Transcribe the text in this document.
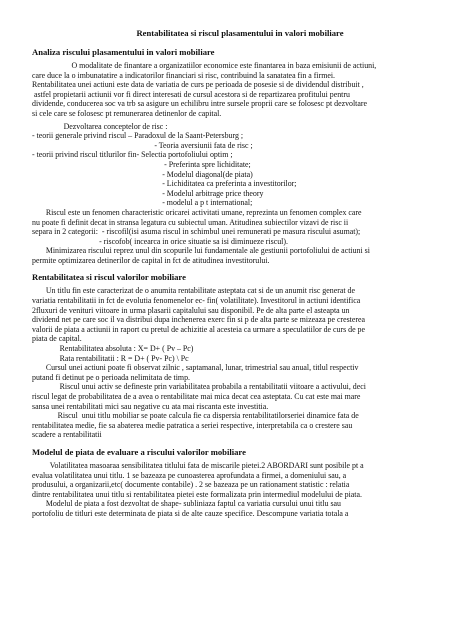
Rentabilitatea si riscul plasamentului in valori mobiliare
Analiza riscului plasamentului in valori mobiliare
O modalitate de finantare a organizatiilor economice este finantarea in baza emisiunii de actiuni,
care duce la o imbunatatire a indicatorilor financiari si risc, contribuind la sanatatea fin a firmei.
Rentabilitatea unei actiuni este data de variatia de curs pe perioada de posesie si de dividendul distribuit ,
astfel propietarii actiunii vor fi direct interesati de cursul acestora si de repartizarea profitului pentru
dividende, conducerea soc va trb sa asigure un echilibru intre sursele proprii care se folosesc pt dezvoltare
si cele care se folosesc pt remunerarea detinenlor de capital.
Dezvoltarea conceptelor de risc :
- teorii generale privind riscul – Paradoxul de la Saant-Petersburg ;
- Teoria aversiunii fata de risc ;
- teorii privind riscul titlurilor fin- Selectia portofoliului optim ;
- Preferinta spre lichiditate;
- Modelul diagonal(de piata)
- Lichiditatea ca preferinta a investitorilor;
- Modelul arbitrage price theory
- modelul a p t international;
Riscul este un fenomen characteristic oricarei activitati umane, reprezinta un fenomen complex care
nu poate fi definit decat in stransa legatura cu subiectul uman. Atitudinea subiectilor vizavi de risc ii
separa in 2 categorii:  - riscofil(isi asuma riscul in schimbul unei remunerati pe masura riscului asumat);
- riscofob( incearca in orice situatie sa isi diminueze riscul).
Minimizarea riscului reprez unul din scopurile lui fundamentale ale gestiunii portofoliului de actiuni si
permite optimizarea detinerilor de capital in fct de atitudinea investitorului.
Rentabilitatea si riscul valorilor mobiliare
Un titlu fin este caracterizat de o anumita rentabilitate asteptata cat si de un anumit risc generat de
variatia rentabilitatii in fct de evolutia fenomenelor ec- fin( volatilitate). Investitorul in actiuni identifica
2fluxuri de venituri viitoare in urma plasarii capitalului sau disponibil. Pe de alta parte el asteapta un
dividend net pe care soc il va distribui dupa inchenerea exerc fin si p de alta parte se mizeaza pe cresterea
valorii de piata a actiunii in raport cu pretul de achizitie al acesteia ca urmare a speculatiilor de curs de pe
piata de capital.
Rentabilitatea absoluta : X= D+ ( Pv – Pc)
Rata rentabilitatii : R = D+ ( Pv- Pc) \ Pc
Cursul unei actiuni poate fi observat zilnic , saptamanal, lunar, trimestrial sau anual, titlul respectiv
putand fi detinut pe o perioada nelimitata de timp.
Riscul unui activ se defineste prin variabilitatea probabila a rentabilitatii viitoare a activului, deci
riscul legat de probabilitatea de a avea o rentabilitate mai mica decat cea asteptata. Cu cat este mai mare
sansa unei rentabilitati mici sau negative cu ata mai riscanta este investitia.
Riscul  unui titlu mobiliar se poate calcula fie ca dispersia rentabilitatilorseriei dinamice fata de
rentabilitatea medie, fie sa abaterea medie patratica a seriei respective, interpretabila ca o crestere sau
scadere a rentabilitatii
Modelul de piata de evaluare a riscului valorilor mobiliare
Volatilitatea masoaraa sensibilitatea titlului fata de miscarile pietei.2 ABORDARI sunt posibile pt a
evalua volatilitatea unui titlu. 1 se bazeaza pe cunoasterea aprofundata a firmei, a domeniului sau, a
produsului, a organizarii,etc( documente contabile) . 2 se bazeaza pe un rationament statistic : relatia
dintre rentabilitatea unui titlu si rentabilitatea pietei este formalizata prin intermediul modelului de piata.
Modelul de piata a fost dezvoltat de shape- subliniaza faptul ca variatia cursului unui titlu sau
portofoliu de titluri este determinata de piata si de alte cauze specifice. Descompune variatia totala a
